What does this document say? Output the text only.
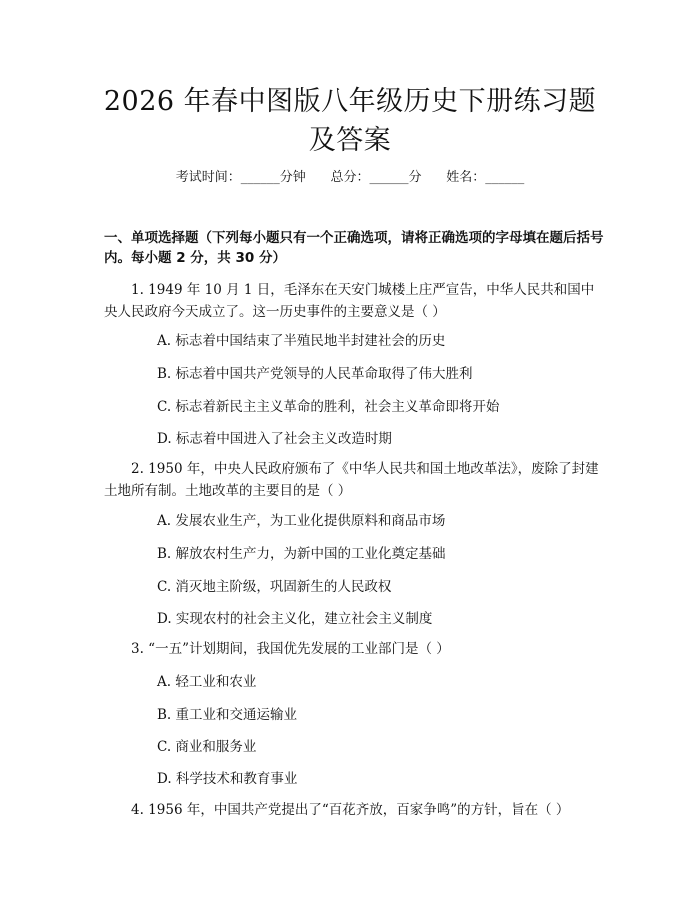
2026 年春中图版八年级历史下册练习题及答案
考试时间：______分钟      总分：______分      姓名：______
一、单项选择题（下列每小题只有一个正确选项，请将正确选项的字母填在题后括号内。每小题 2 分，共 30 分）
1. 1949 年 10 月 1 日，毛泽东在天安门城楼上庄严宣告，中华人民共和国中央人民政府今天成立了。这一历史事件的主要意义是（ ）
A. 标志着中国结束了半殖民地半封建社会的历史
B. 标志着中国共产党领导的人民革命取得了伟大胜利
C. 标志着新民主主义革命的胜利，社会主义革命即将开始
D. 标志着中国进入了社会主义改造时期
2. 1950 年，中央人民政府颁布了《中华人民共和国土地改革法》，废除了封建土地所有制。土地改革的主要目的是（ ）
A. 发展农业生产，为工业化提供原料和商品市场
B. 解放农村生产力，为新中国的工业化奠定基础
C. 消灭地主阶级，巩固新生的人民政权
D. 实现农村的社会主义化，建立社会主义制度
3. “一五”计划期间，我国优先发展的工业部门是（ ）
A. 轻工业和农业
B. 重工业和交通运输业
C. 商业和服务业
D. 科学技术和教育事业
4. 1956 年，中国共产党提出了“百花齐放，百家争鸣”的方针，旨在（ ）
